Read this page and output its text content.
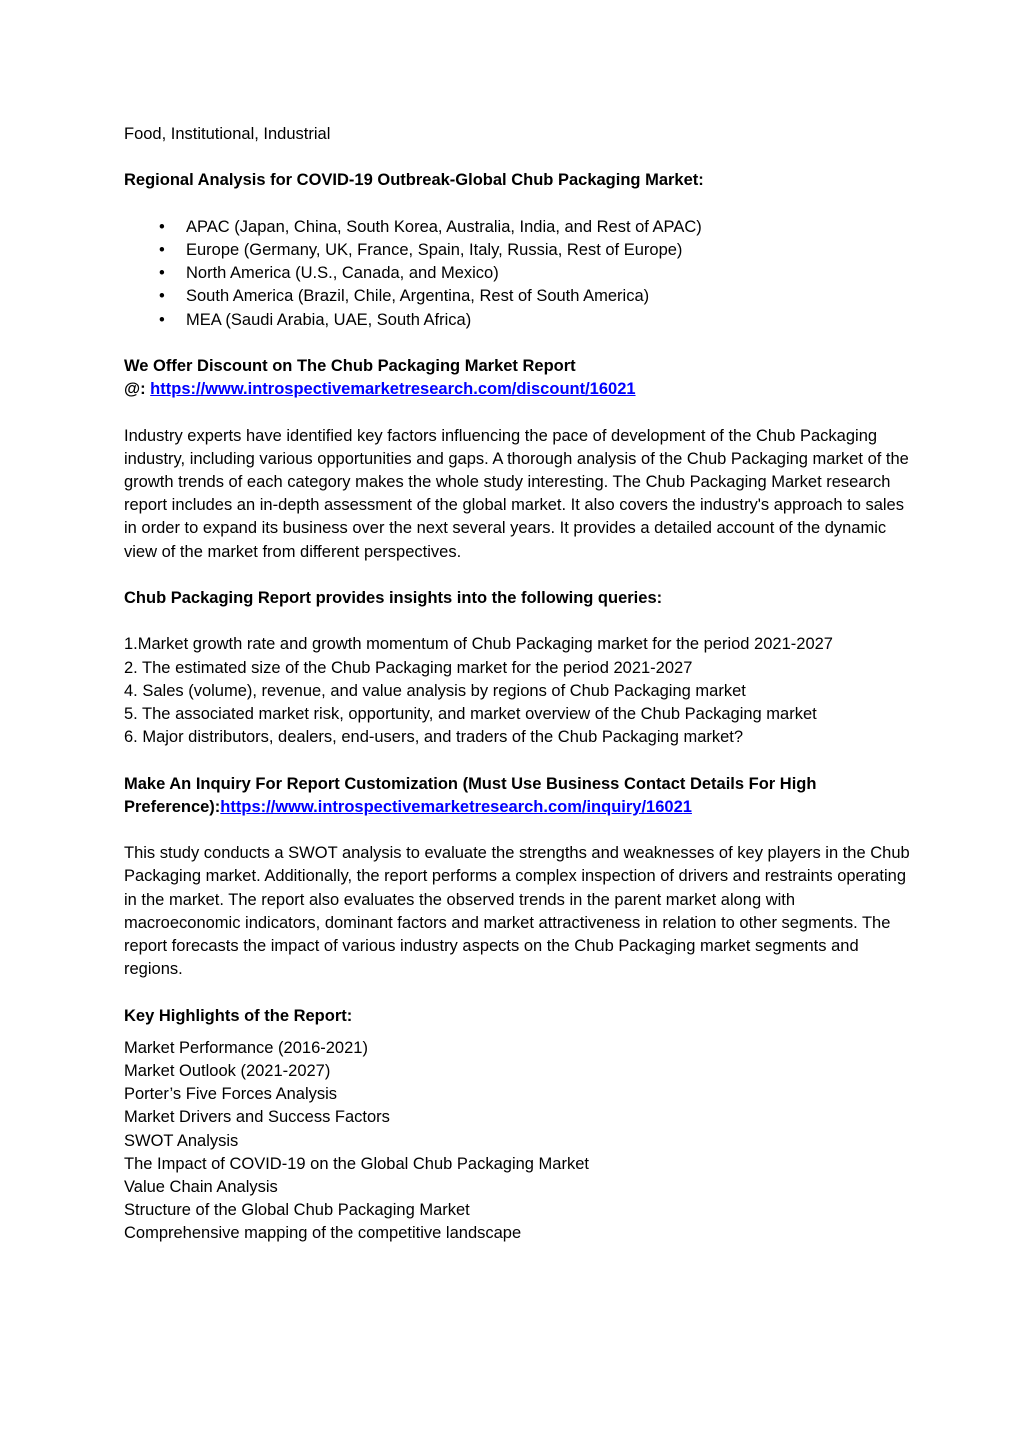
Food, Institutional, Industrial

Regional Analysis for COVID-19 Outbreak-Global Chub Packaging Market:

• APAC (Japan, China, South Korea, Australia, India, and Rest of APAC)
• Europe (Germany, UK, France, Spain, Italy, Russia, Rest of Europe)
• North America (U.S., Canada, and Mexico)
• South America (Brazil, Chile, Argentina, Rest of South America)
• MEA (Saudi Arabia, UAE, South Africa)

We Offer Discount on The Chub Packaging Market Report

@: https://www.introspectivemarketresearch.com/discount/16021

Industry experts have identified key factors influencing the pace of development of the Chub Packaging industry, including various opportunities and gaps. A thorough analysis of the Chub Packaging market of the growth trends of each category makes the whole study interesting. The Chub Packaging Market research report includes an in-depth assessment of the global market. It also covers the industry's approach to sales in order to expand its business over the next several years. It provides a detailed account of the dynamic view of the market from different perspectives.

Chub Packaging Report provides insights into the following queries:

1.Market growth rate and growth momentum of Chub Packaging market for the period 2021-2027

2. The estimated size of the Chub Packaging market for the period 2021-2027

4. Sales (volume), revenue, and value analysis by regions of Chub Packaging market

5. The associated market risk, opportunity, and market overview of the Chub Packaging market

6. Major distributors, dealers, end-users, and traders of the Chub Packaging market?

Make An Inquiry For Report Customization (Must Use Business Contact Details For High Preference):https://www.introspectivemarketresearch.com/inquiry/16021

This study conducts a SWOT analysis to evaluate the strengths and weaknesses of key players in the Chub Packaging market. Additionally, the report performs a complex inspection of drivers and restraints operating in the market. The report also evaluates the observed trends in the parent market along with macroeconomic indicators, dominant factors and market attractiveness in relation to other segments. The report forecasts the impact of various industry aspects on the Chub Packaging market segments and regions.

Key Highlights of the Report:

Market Performance (2016-2021)

Market Outlook (2021-2027)

Porter’s Five Forces Analysis

Market Drivers and Success Factors

SWOT Analysis

The Impact of COVID-19 on the Global Chub Packaging Market

Value Chain Analysis

Structure of the Global Chub Packaging Market

Comprehensive mapping of the competitive landscape
